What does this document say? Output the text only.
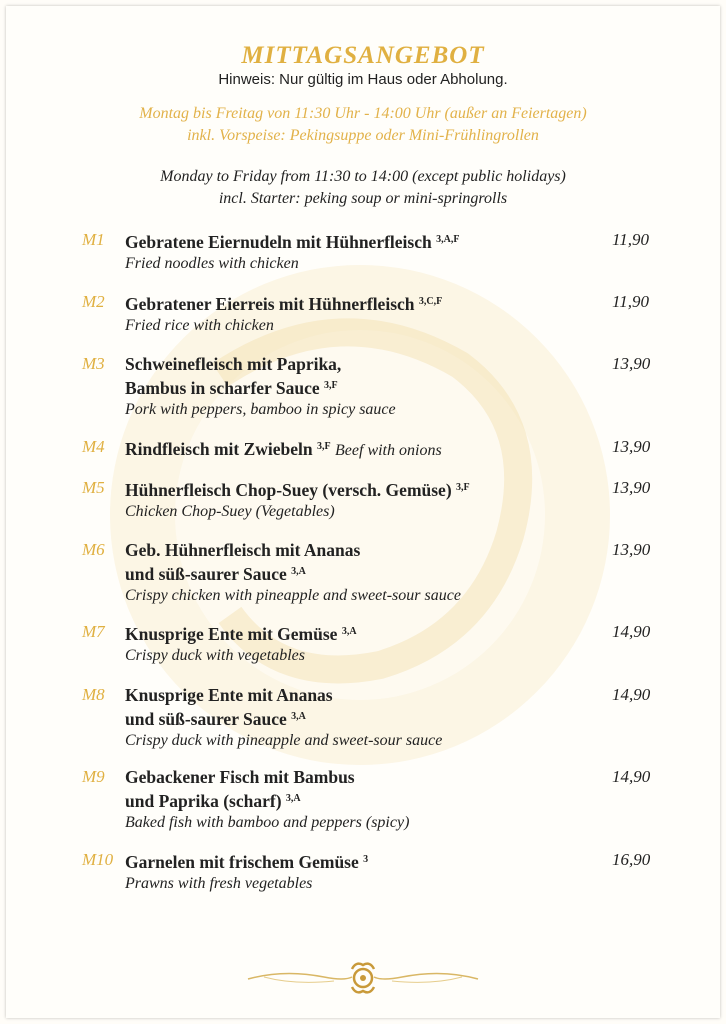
MITTAGSANGEBOT
Hinweis: Nur gültig im Haus oder Abholung.
Montag bis Freitag von 11:30 Uhr - 14:00 Uhr (außer an Feiertagen)
inkl. Vorspeise: Pekingsuppe oder Mini-Frühlingrollen
Monday to Friday from 11:30 to 14:00 (except public holidays)
incl. Starter: peking soup or mini-springrolls
M1 Gebratene Eiernudeln mit Hühnerfleisch $^{3,A,F}$
Fried noodles with chicken
11,90
M2 Gebratener Eierreis mit Hühnerfleisch $^{3,C,F}$
Fried rice with chicken
11,90
M3 Schweinefleisch mit Paprika,
Bambus in scharfer Sauce $^{3,F}$
Pork with peppers, bamboo in spicy sauce
13,90
M4 Rindfleisch mit Zwiebeln $^{3,F}$ Beef with onions	13,90
M5 Hühnerfleisch Chop-Suey (versch. Gemüse) $^{3,F}$
Chicken Chop-Suey (Vegetables)
13,90
M6 Geb. Hühnerfleisch mit Ananas
und süß-saurer Sauce $^{3,A}$
Crispy chicken with pineapple and sweet-sour sauce
13,90
M7 Knusprige Ente mit Gemüse $^{3,A}$
Crispy duck with vegetables
14,90
M8 Knusprige Ente mit Ananas
und süß-saurer Sauce $^{3,A}$
Crispy duck with pineapple and sweet-sour sauce
14,90
M9 Gebackener Fisch mit Bambus
und Paprika (scharf) $^{3,A}$
Baked fish with bamboo and peppers (spicy)
14,90
M10 Garnelen mit frischem Gemüse $^3$
Prawns with fresh vegetables
16,90
